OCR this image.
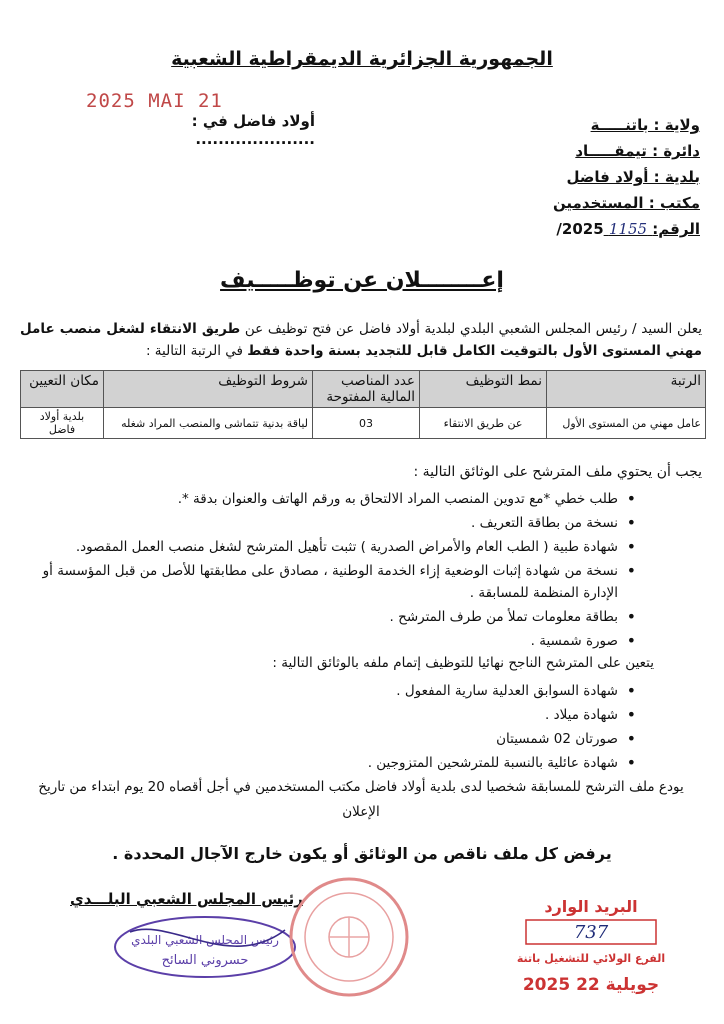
الجمهورية الجزائرية الديمقراطية الشعبية
2025 MAI 21
أولاد فاضل في : .....................
ولاية : باتنـــــة
دائرة : تيمقـــــاد
بلدية : أولاد فاضل
مكتب : المستخدمين
الرقم: /2025 1155
إعــــــــلان عن توظـــــيف
يعلن السيد / رئيس المجلس الشعبي البلدي لبلدية أولاد فاضل عن فتح توظيف عن طريق الانتقاء لشغل منصب عامل مهني المستوى الأول بالتوقيت الكامل قابل للتجديد بسنة واحدة فقط في الرتبة التالية :
الرتبة	نمط التوظيف	عدد المناصب المالية المفتوحة	شروط التوظيف	مكان التعيين
عامل مهني من المستوى الأول	عن طريق الانتقاء	03	لياقة بدنية تتماشى والمنصب المراد شغله	بلدية أولاد فاضل
يجب أن يحتوي ملف المترشح على الوثائق التالية :
• طلب خطي *مع تدوين المنصب المراد الالتحاق به ورقم الهاتف والعنوان بدقة *.
• نسخة من بطاقة التعريف .
• شهادة طبية ( الطب العام والأمراض الصدرية ) تثبت تأهيل المترشح لشغل منصب العمل المقصود.
• نسخة من شهادة إثبات الوضعية إزاء الخدمة الوطنية ، مصادق على مطابقتها للأصل من قبل المؤسسة أو الإدارة المنظمة للمسابقة .
• بطاقة معلومات تملأ من طرف المترشح .
• صورة شمسية .
يتعين على المترشح الناجح نهائيا للتوظيف إتمام ملفه بالوثائق التالية :
• شهادة السوابق العدلية سارية المفعول .
• شهادة ميلاد .
• صورتان 02 شمسيتان
• شهادة عائلية بالنسبة للمترشحين المتزوجين .
يودع ملف الترشح للمسابقة شخصيا لدى بلدية أولاد فاضل مكتب المستخدمين في أجل أقصاه 20 يوم ابتداء من تاريخ الإعلان
يرفض كل ملف ناقص من الوثائق أو يكون خارج الآجال المحددة .
رئيس المجلس الشعبي البلـــدي
رئيس المجلس الشعبي البلدي
حسروني السائح
البريد الوارد
737
الفرع الولائي للتشغيل باتنة
2025 جويلية 22
